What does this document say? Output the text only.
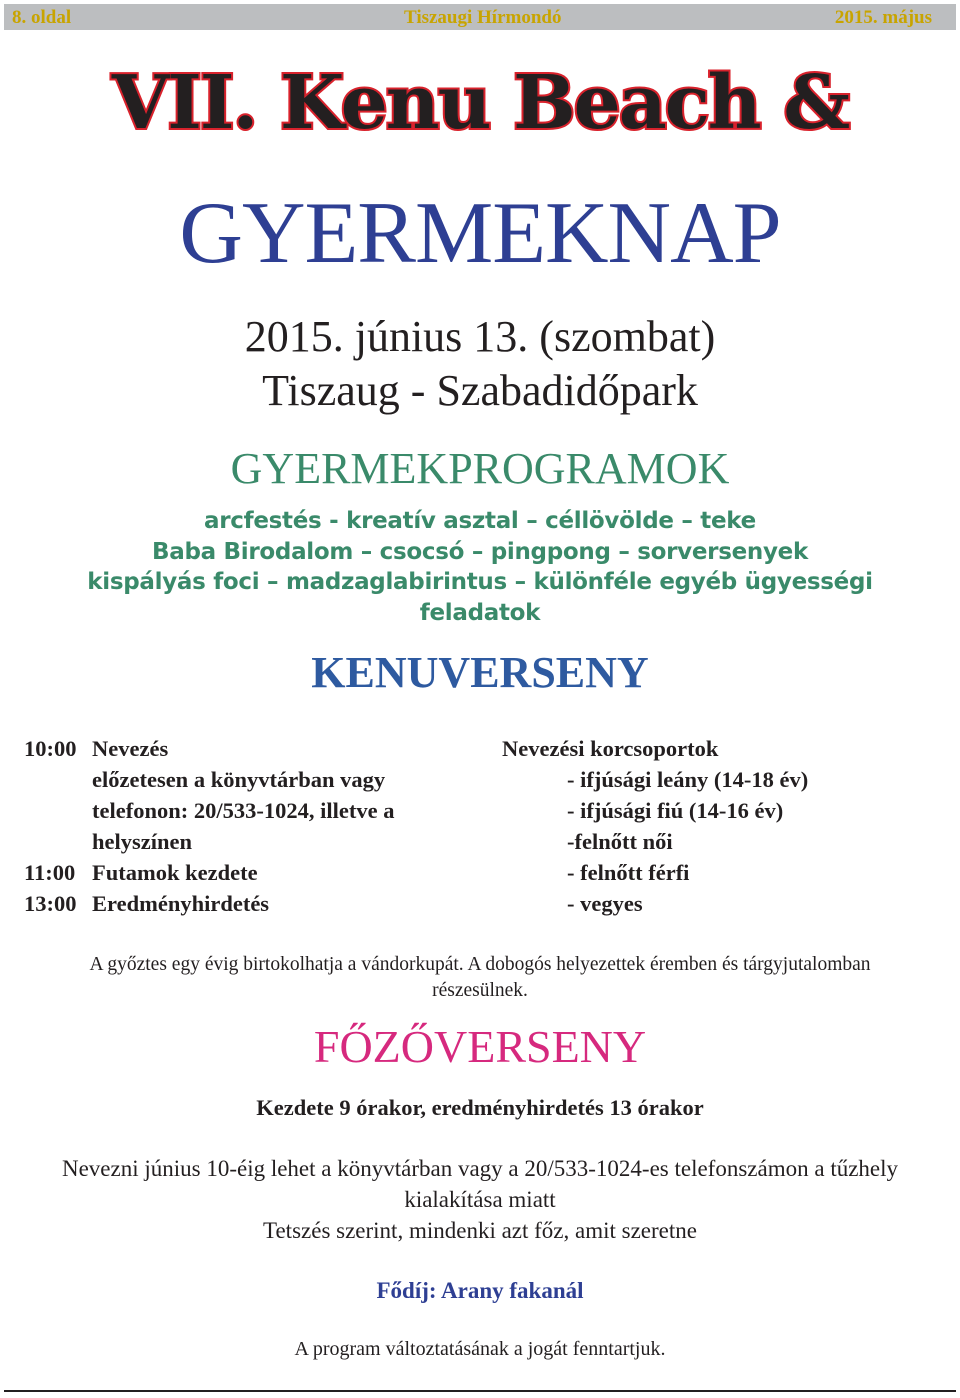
8. oldal	Tiszaugi Hírmondó	2015. május
VII. Kenu Beach &
GYERMEKNAP
2015. június 13. (szombat)
Tiszaug - Szabadidőpark
GYERMEKPROGRAMOK
arcfestés - kreatív asztal – céllövölde – teke
Baba Birodalom – csocsó – pingpong – sorversenyek
kispályás foci – madzaglabirintus – különféle egyéb ügyességi
feladatok
KENUVERSENY
10:00 Nevezés
előzetesen a könyvtárban vagy
telefonon: 20/533-1024, illetve a
helyszínen
11:00 Futamok kezdete
13:00 Eredményhirdetés
Nevezési korcsoportok
- ifjúsági leány (14-18 év)
- ifjúsági fiú (14-16 év)
-felnőtt női
- felnőtt férfi
- vegyes
A győztes egy évig birtokolhatja a vándorkupát. A dobogós helyezettek éremben és tárgyjutalomban
részesülnek.
FŐZŐVERSENY
Kezdete 9 órakor, eredményhirdetés 13 órakor
Nevezni június 10-éig lehet a könyvtárban vagy a 20/533-1024-es telefonszámon a tűzhely
kialakítása miatt
Tetszés szerint, mindenki azt főz, amit szeretne
Fődíj: Arany fakanál
A program változtatásának a jogát fenntartjuk.
